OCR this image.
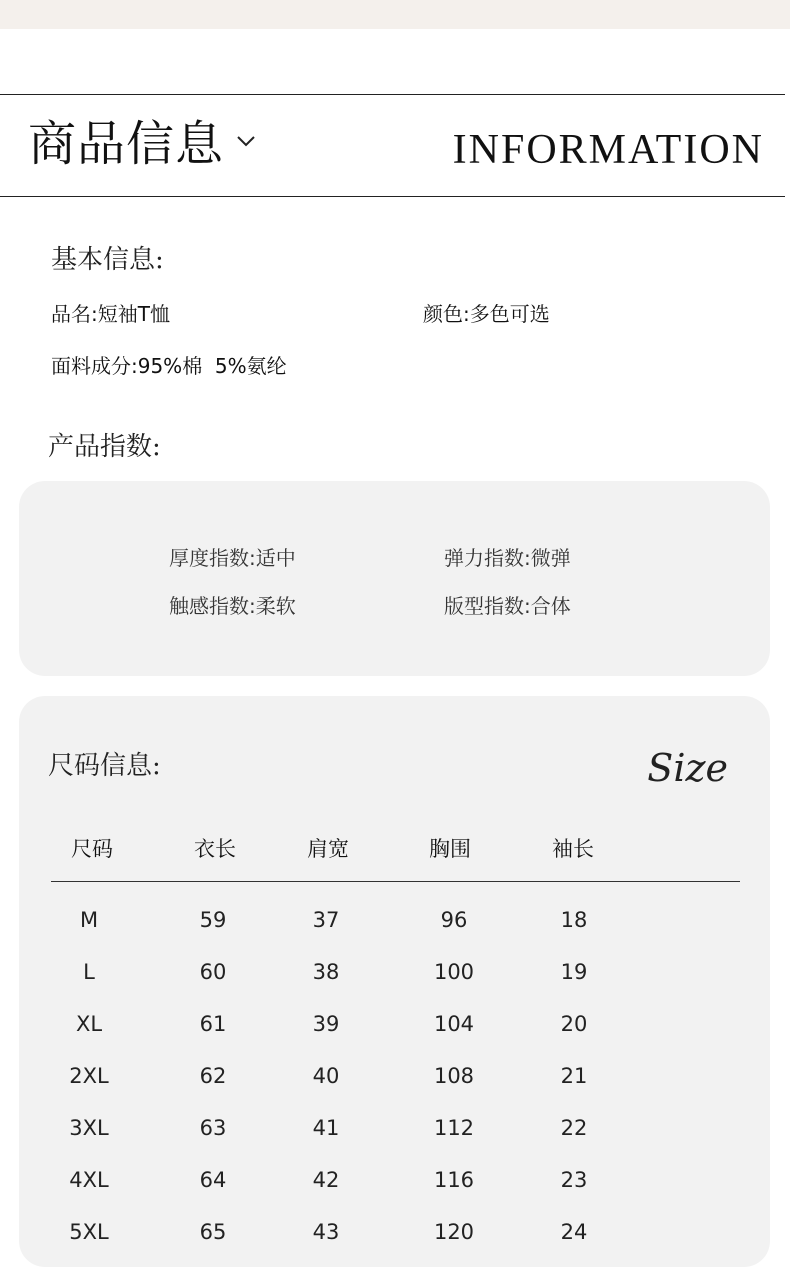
商品信息	INFORMATION
基本信息:
品名:短袖T恤	颜色:多色可选
面料成分:95%棉  5%氨纶
产品指数:
厚度指数:适中	弹力指数:微弹
触感指数:柔软	版型指数:合体
尺码信息:	Size
尺码	衣长	肩宽	胸围	袖长
M	59	37	96	18
L	60	38	100	19
XL	61	39	104	20
2XL	62	40	108	21
3XL	63	41	112	22
4XL	64	42	116	23
5XL	65	43	120	24
